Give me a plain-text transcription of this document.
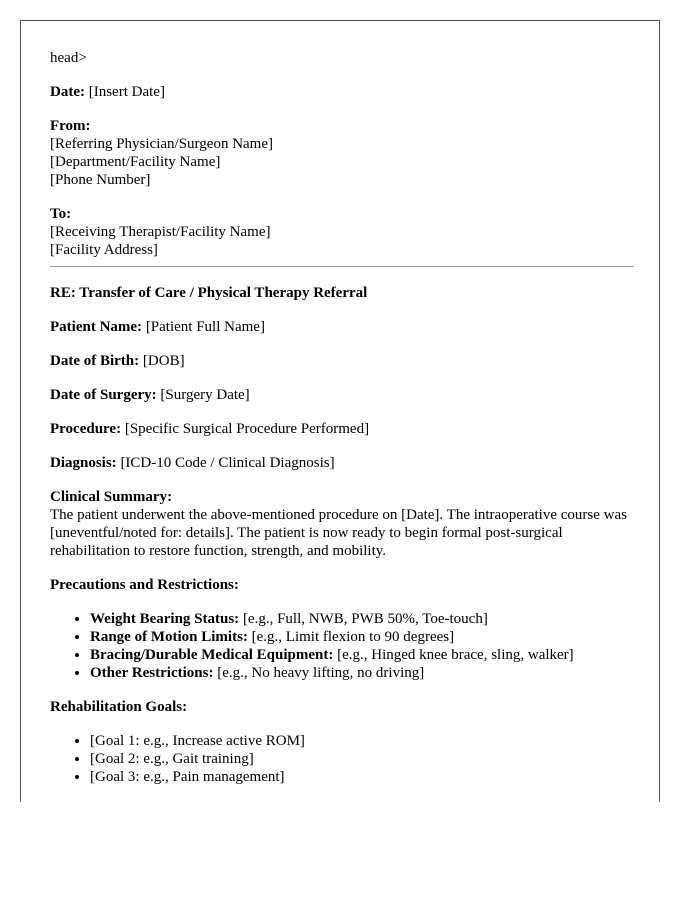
head>

Date: [Insert Date]

From:
[Referring Physician/Surgeon Name]
[Department/Facility Name]
[Phone Number]

To:
[Receiving Therapist/Facility Name]
[Facility Address]

RE: Transfer of Care / Physical Therapy Referral

Patient Name: [Patient Full Name]

Date of Birth: [DOB]

Date of Surgery: [Surgery Date]

Procedure: [Specific Surgical Procedure Performed]

Diagnosis: [ICD-10 Code / Clinical Diagnosis]

Clinical Summary:
The patient underwent the above-mentioned procedure on [Date]. The intraoperative course was [uneventful/noted for: details]. The patient is now ready to begin formal post-surgical rehabilitation to restore function, strength, and mobility.

Precautions and Restrictions:

• Weight Bearing Status: [e.g., Full, NWB, PWB 50%, Toe-touch]
• Range of Motion Limits: [e.g., Limit flexion to 90 degrees]
• Bracing/Durable Medical Equipment: [e.g., Hinged knee brace, sling, walker]
• Other Restrictions: [e.g., No heavy lifting, no driving]

Rehabilitation Goals:

• [Goal 1: e.g., Increase active ROM]
• [Goal 2: e.g., Gait training]
• [Goal 3: e.g., Pain management]
